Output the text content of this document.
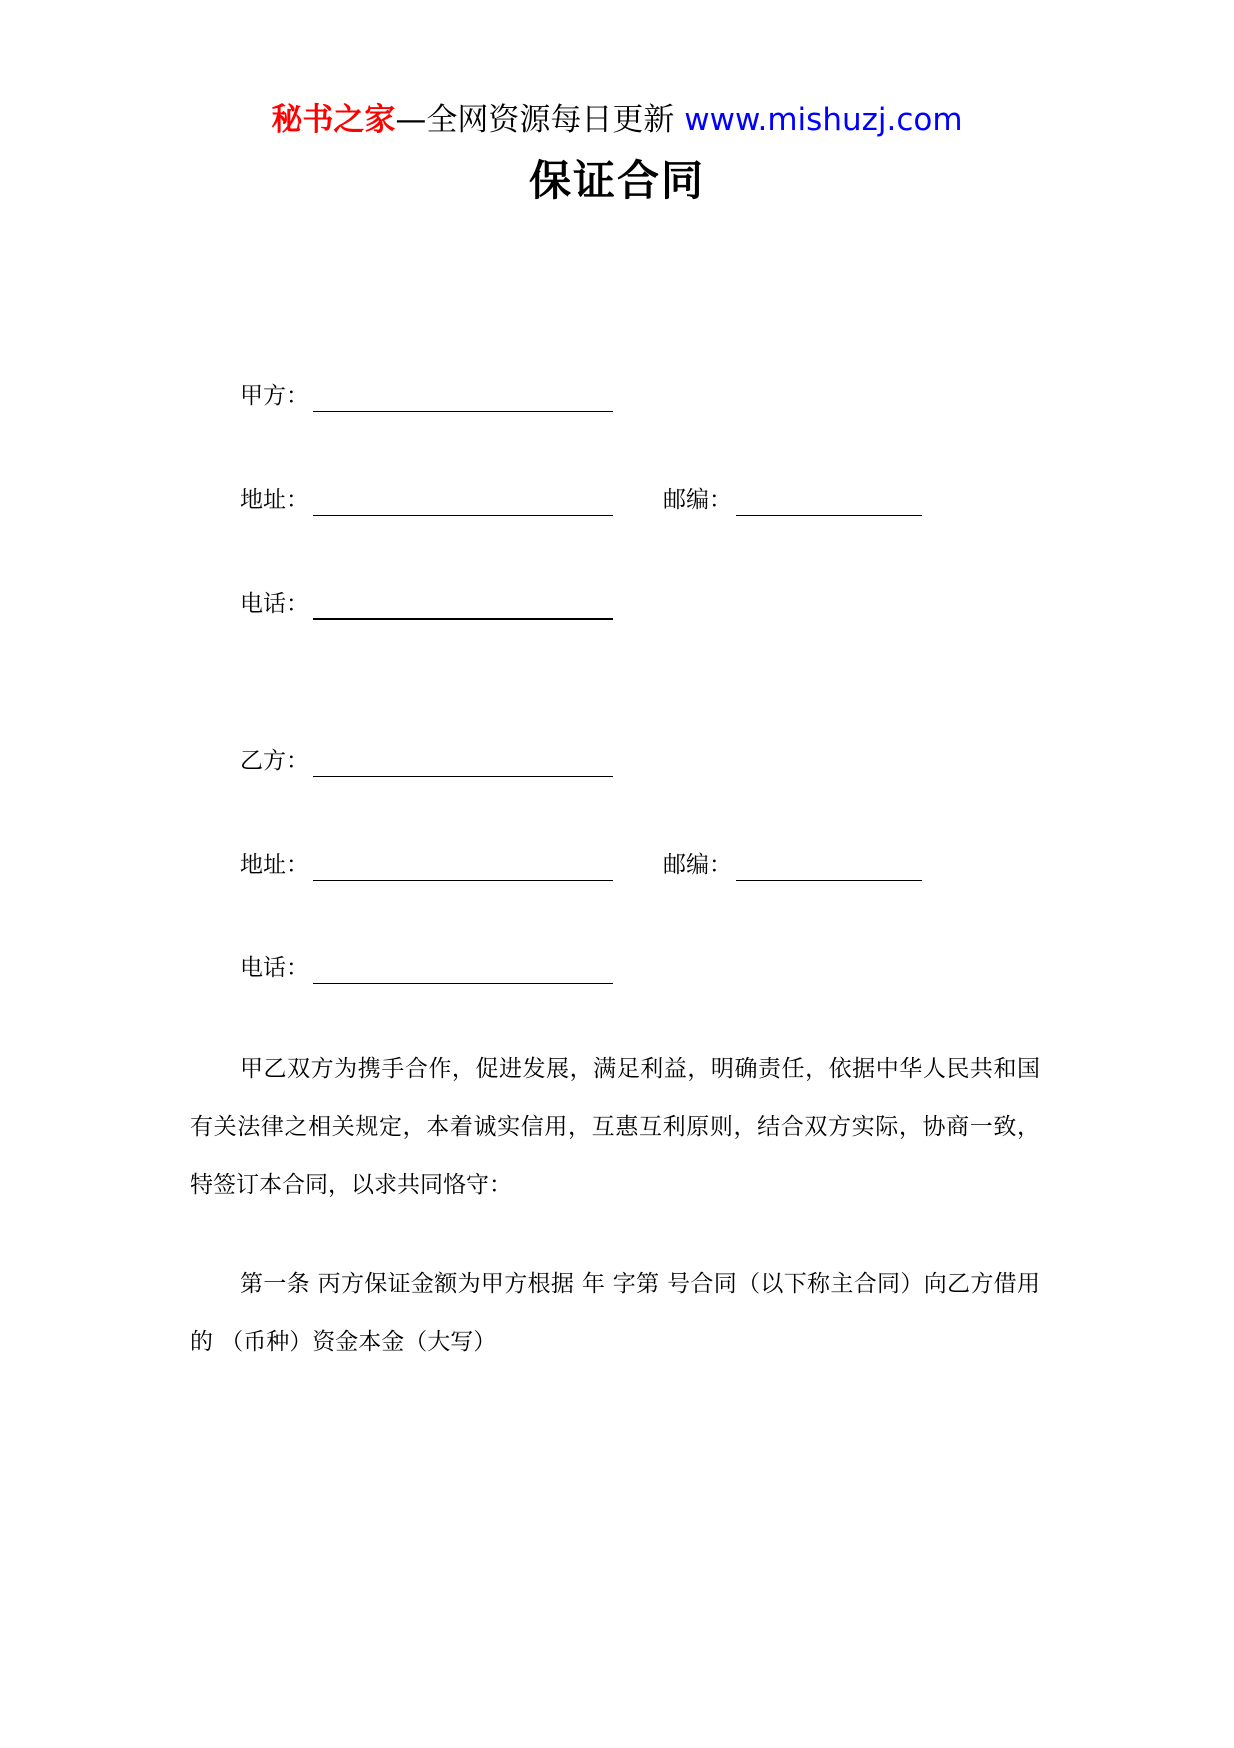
秘书之家—全网资源每日更新 www.mishuzj.com
保证合同
甲方：
地址：	邮编：
电话：
乙方：
地址：	邮编：
电话：
甲乙双方为携手合作，促进发展，满足利益，明确责任，依据中华人民共和国有关法律之相关规定，本着诚实信用，互惠互利原则，结合双方实际，协商一致，特签订本合同，以求共同恪守：
第一条 丙方保证金额为甲方根据 年 字第 号合同（以下称主合同）向乙方借用的 （币种）资金本金（大写）
